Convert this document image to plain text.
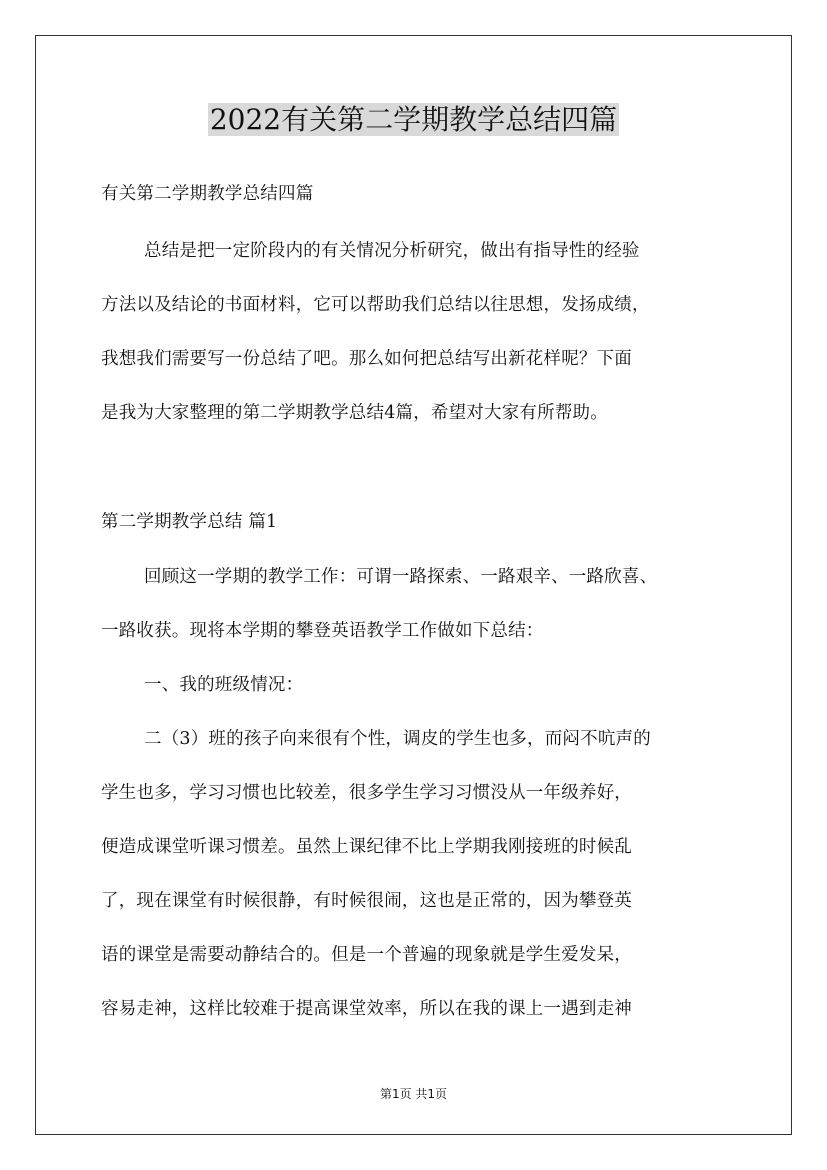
2022有关第二学期教学总结四篇
有关第二学期教学总结四篇
总结是把一定阶段内的有关情况分析研究，做出有指导性的经验
方法以及结论的书面材料，它可以帮助我们总结以往思想，发扬成绩，
我想我们需要写一份总结了吧。那么如何把总结写出新花样呢？下面
是我为大家整理的第二学期教学总结4篇，希望对大家有所帮助。
第二学期教学总结 篇1
回顾这一学期的教学工作：可谓一路探索、一路艰辛、一路欣喜、
一路收获。现将本学期的攀登英语教学工作做如下总结：
一、我的班级情况：
二（3）班的孩子向来很有个性，调皮的学生也多，而闷不吭声的
学生也多，学习习惯也比较差，很多学生学习习惯没从一年级养好，
便造成课堂听课习惯差。虽然上课纪律不比上学期我刚接班的时候乱
了，现在课堂有时候很静，有时候很闹，这也是正常的，因为攀登英
语的课堂是需要动静结合的。但是一个普遍的现象就是学生爱发呆，
容易走神，这样比较难于提高课堂效率，所以在我的课上一遇到走神
第1页 共1页
